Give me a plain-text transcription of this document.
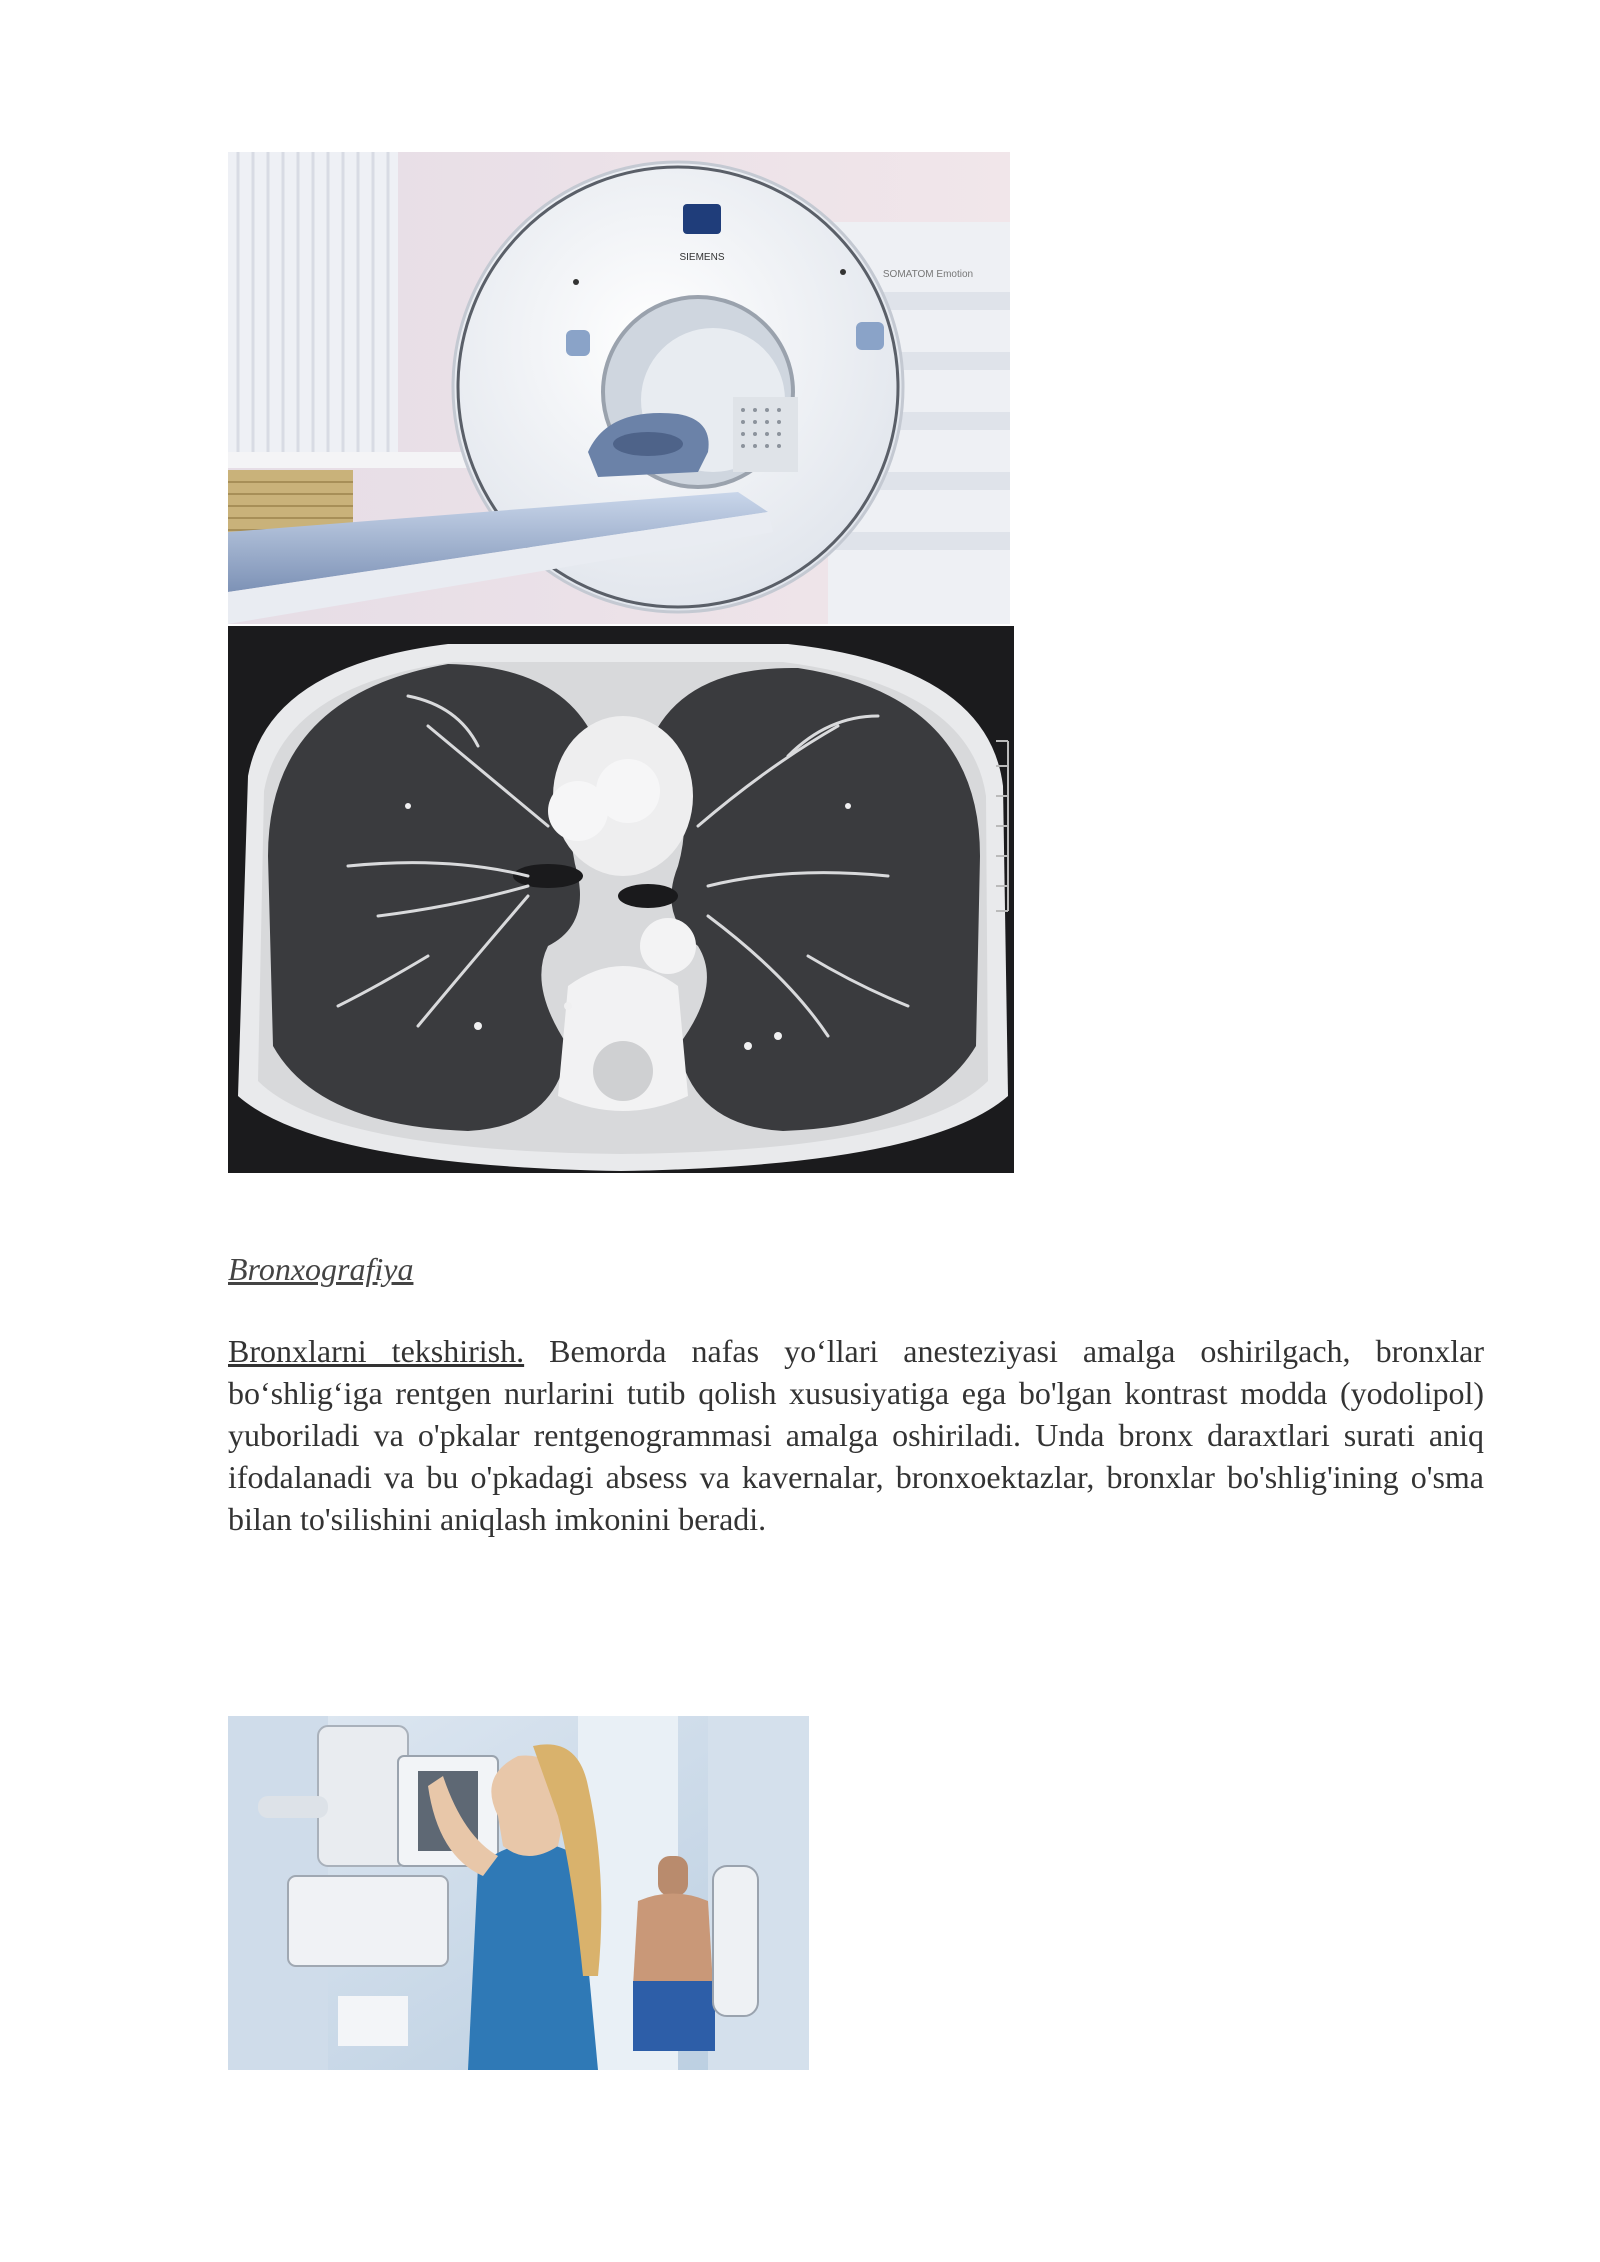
SIEMENS
SOMATOM Emotion
Bronxografiya

Bronxlarni tekshirish. Bemorda nafas yo‘llari anesteziyasi amalga oshirilgach, bronxlar bo‘shlig‘iga rentgen nurlarini tutib qolish xususiyatiga ega bo'lgan kontrast modda (yodolipol) yuboriladi va o'pkalar rentgenogrammasi amalga oshiriladi. Unda bronx daraxtlari surati aniq ifodalanadi va bu o'pkadagi absess va kavernalar, bronxoektazlar, bronxlar bo'shlig'ining o'sma bilan to'silishini aniqlash imkonini beradi.
